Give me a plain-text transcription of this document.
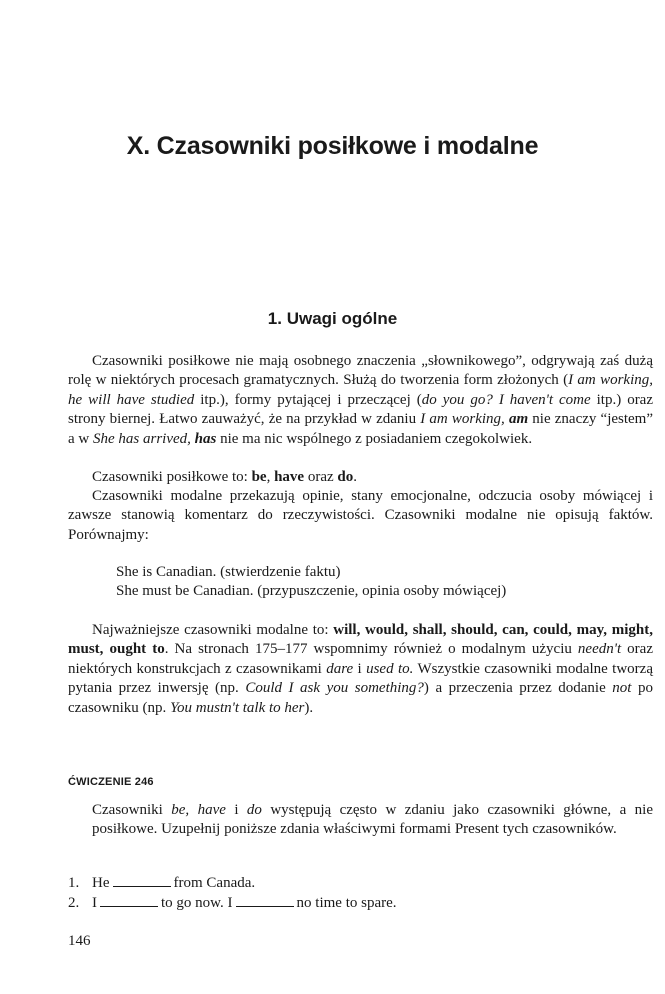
X. Czasowniki posiłkowe i modalne
1. Uwagi ogólne

Czasowniki posiłkowe nie mają osobnego znaczenia „słownikowego”, odgrywają zaś dużą rolę w niektórych procesach gramatycznych. Służą do tworzenia form złożonych (I am working, he will have studied itp.), formy pytającej i przeczącej (do you go? I haven't come itp.) oraz strony biernej. Łatwo zauważyć, że na przykład w zdaniu I am working, am nie znaczy “jestem” a w She has arrived, has nie ma nic wspólnego z posiadaniem czegokolwiek.

Czasowniki posiłkowe to: be, have oraz do.

Czasowniki modalne przekazują opinie, stany emocjonalne, odczucia osoby mówiącej i zawsze stanowią komentarz do rzeczywistości. Czasowniki modalne nie opisują faktów. Porównajmy:

She is Canadian. (stwierdzenie faktu)
She must be Canadian. (przypuszczenie, opinia osoby mówiącej)

Najważniejsze czasowniki modalne to: will, would, shall, should, can, could, may, might, must, ought to. Na stronach 175–177 wspomnimy również o modalnym użyciu needn't oraz niektórych konstrukcjach z czasownikami dare i used to. Wszystkie czasowniki modalne tworzą pytania przez inwersję (np. Could I ask you something?) a przeczenia przez dodanie not po czasowniku (np. You mustn't talk to her).

ĆWICZENIE 246

Czasowniki be, have i do występują często w zdaniu jako czasowniki główne, a nie posiłkowe. Uzupełnij poniższe zdania właściwymi formami Present tych czasowników.

1. He	from Canada.
2. I	to go now. I	no time to spare.

146
